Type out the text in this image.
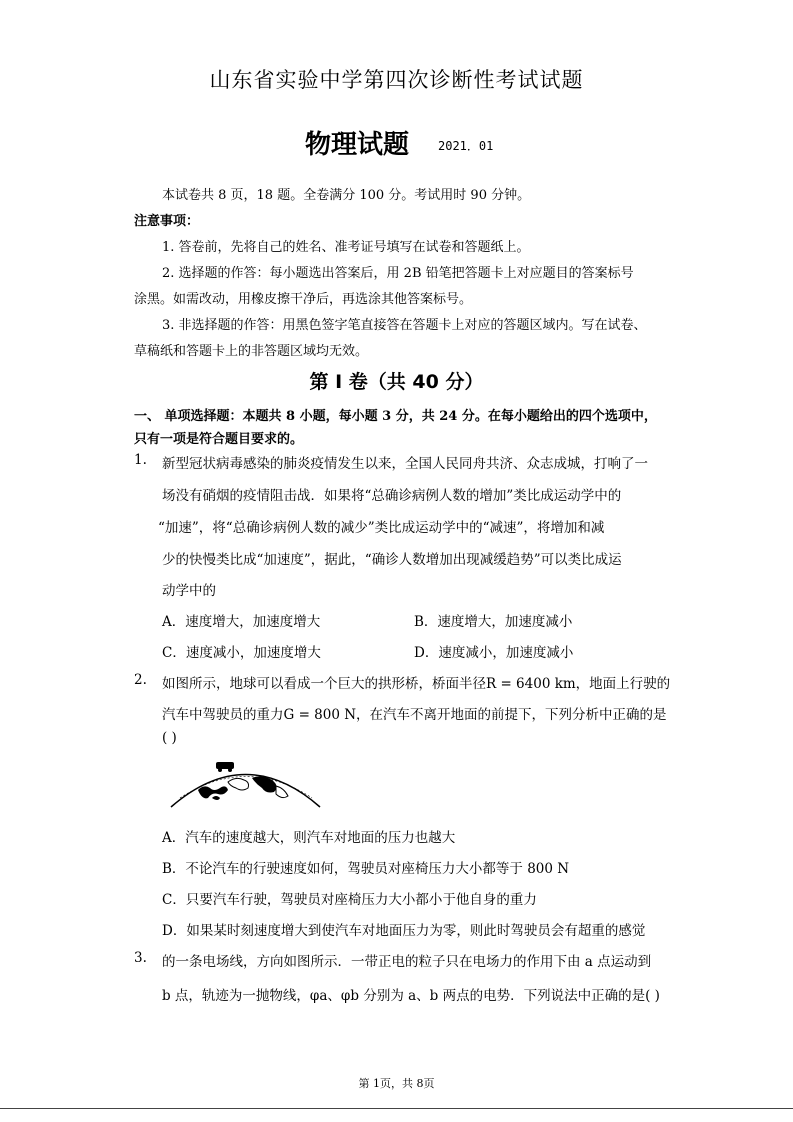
山东省实验中学第四次诊断性考试试题
物理试题 2021．01
本试卷共 8 页，18 题。全卷满分 100 分。考试用时 90 分钟。
注意事项：
1. 答卷前，先将自己的姓名、准考证号填写在试卷和答题纸上。
2. 选择题的作答：每小题选出答案后，用 2B 铅笔把答题卡上对应题目的答案标号
涂黑。如需改动，用橡皮擦干净后，再选涂其他答案标号。
3. 非选择题的作答：用黑色签字笔直接答在答题卡上对应的答题区域内。写在试卷、
草稿纸和答题卡上的非答题区域均无效。
第 I 卷（共 40 分）
一、 单项选择题：本题共 8 小题，每小题 3 分，共 24 分。在每小题给出的四个选项中，
只有一项是符合题目要求的。
1. 新型冠状病毒感染的肺炎疫情发生以来，全国人民同舟共济、众志成城，打响了一
场没有硝烟的疫情阻击战．如果将“总确诊病例人数的增加”类比成运动学中的
“加速”，将“总确诊病例人数的减少”类比成运动学中的“减速”，将增加和减
少的快慢类比成“加速度”，据此，“确诊人数增加出现减缓趋势”可以类比成运
动学中的
A．速度增大，加速度增大	B．速度增大，加速度减小
C．速度减小，加速度增大	D．速度减小，加速度减小
2. 如图所示，地球可以看成一个巨大的拱形桥，桥面半径R = 6400 km，地面上行驶的
汽车中驾驶员的重力G = 800 N，在汽车不离开地面的前提下，下列分析中正确的是
( )
A．汽车的速度越大，则汽车对地面的压力也越大
B．不论汽车的行驶速度如何，驾驶员对座椅压力大小都等于 800 N
C．只要汽车行驶，驾驶员对座椅压力大小都小于他自身的重力
D．如果某时刻速度增大到使汽车对地面压力为零，则此时驾驶员会有超重的感觉
3. 的一条电场线，方向如图所示．一带正电的粒子只在电场力的作用下由 a 点运动到
b 点，轨迹为一抛物线，φa、φb 分别为 a、b 两点的电势．下列说法中正确的是( )
第 1页，共 8页
